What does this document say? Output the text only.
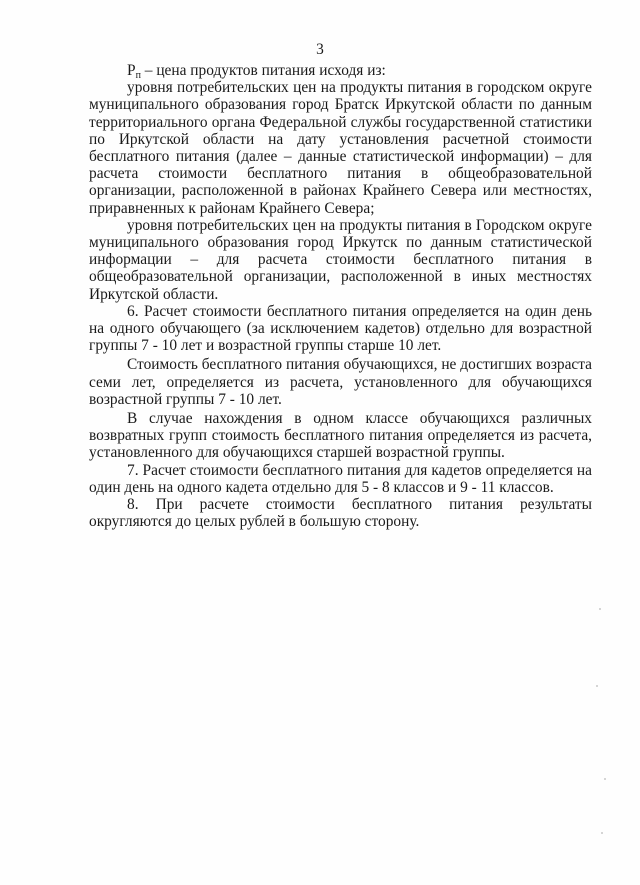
3

$P_п$ – цена продуктов питания исходя из:

уровня потребительских цен на продукты питания в городском округе муниципального образования город Братск Иркутской области по данным территориального органа Федеральной службы государственной статистики по Иркутской области на дату установления расчетной стоимости бесплатного питания (далее – данные статистической информации) – для расчета стоимости бесплатного питания в общеобразовательной организации, расположенной в районах Крайнего Севера или местностях, приравненных к районам Крайнего Севера;

уровня потребительских цен на продукты питания в Городском округе муниципального образования город Иркутск по данным статистической информации – для расчета стоимости бесплатного питания в общеобразовательной организации, расположенной в иных местностях Иркутской области.

6. Расчет стоимости бесплатного питания определяется на один день на одного обучающего (за исключением кадетов) отдельно для возрастной группы 7 - 10 лет и возрастной группы старше 10 лет.

Стоимость бесплатного питания обучающихся, не достигших возраста семи лет, определяется из расчета, установленного для обучающихся возрастной группы 7 - 10 лет.

В случае нахождения в одном классе обучающихся различных возвратных групп стоимость бесплатного питания определяется из расчета, установленного для обучающихся старшей возрастной группы.

7. Расчет стоимости бесплатного питания для кадетов определяется на один день на одного кадета отдельно для 5 - 8 классов и 9 - 11 классов.

8. При расчете стоимости бесплатного питания результаты округляются до целых рублей в большую сторону.
